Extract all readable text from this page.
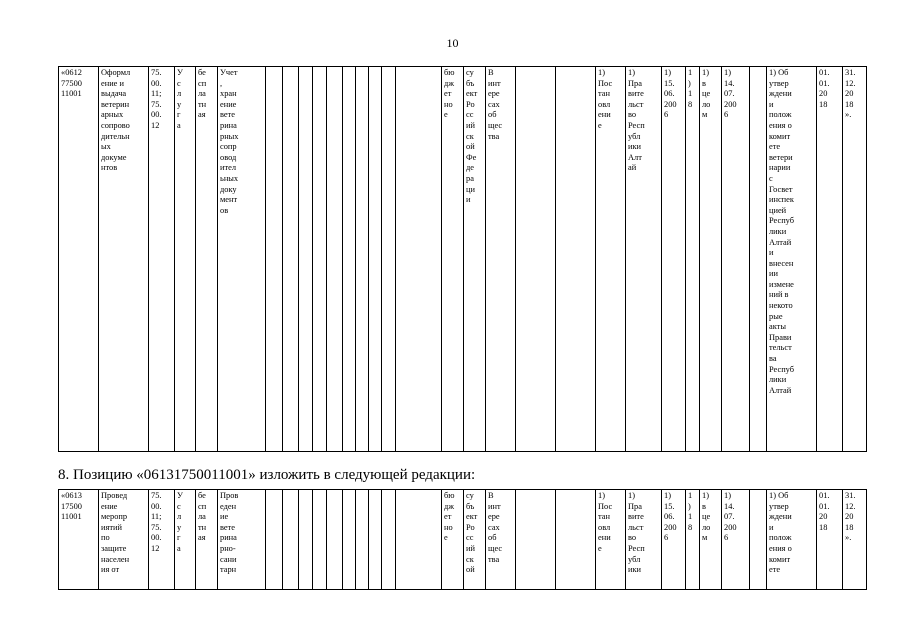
10
«0612
77500
11001	Оформл
ение и
выдача
ветерин
арных
сопрово
дительн
ых
докуме
нтов	75.
00.
11;
75.
00.
12	У
с
л
у
г
а	бе
сп
ла
тн
ая	Учет
,
хран
ение
вете
рина
рных
сопр
овод
ител
ьных
доку
мент
ов											бю
дж
ет
но
е	су
бъ
ект
Ро
сс
ий
ск
ой
Фе
де
ра
ци
и	В
инт
ере
сах
об
щес
тва			1)
Пос
тан
овл
ени
е	1)
Пра
вите
льст
во
Респ
убл
ики
Алт
ай	1)
15.
06.
200
6	1
)
1
8	1)
в
це
ло
м	1)
14.
07.
200
6		1) Об
утвер
ждени
и
полож
ения о
комит
ете
ветери
нарии
с
Госвет
инспек
цией
Респуб
лики
Алтай
и
внесен
ии
измене
ний в
некото
рые
акты
Прави
тельст
ва
Респуб
лики
Алтай	01.
01.
20
18	31.
12.
20
18
».
8. Позицию «06131750011001» изложить в следующей редакции:
«0613
17500
11001	Провед
ение
меропр
иятий
по
защите
населен
ия от	75.
00.
11;
75.
00.
12	У
с
л
у
г
а	бе
сп
ла
тн
ая	Пров
еден
ие
вете
рина
рно-
сани
тарн											бю
дж
ет
но
е	су
бъ
ект
Ро
сс
ий
ск
ой	В
инт
ере
сах
об
щес
тва			1)
Пос
тан
овл
ени
е	1)
Пра
вите
льст
во
Респ
убл
ики	1)
15.
06.
200
6	1
)
1
8	1)
в
це
ло
м	1)
14.
07.
200
6		1) Об
утвер
ждени
и
полож
ения о
комит
ете	01.
01.
20
18	31.
12.
20
18
».
